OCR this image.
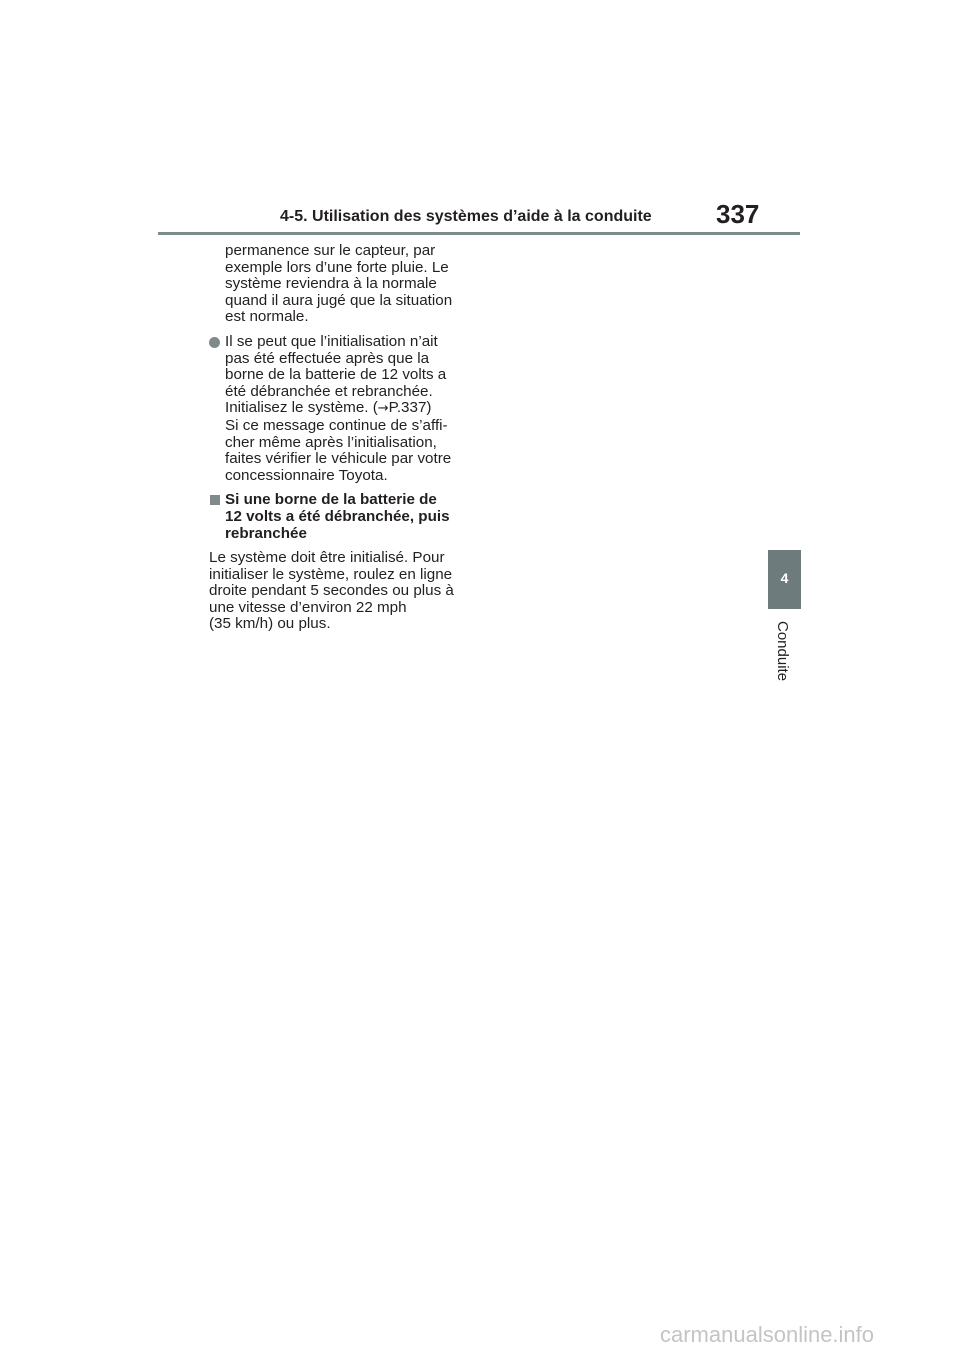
4-5. Utilisation des systèmes d’aide à la conduite 337
permanence sur le capteur, par
exemple lors d’une forte pluie. Le
système reviendra à la normale
quand il aura jugé que la situation
est normale.
Il se peut que l’initialisation n’ait
pas été effectuée après que la
borne de la batterie de 12 volts a
été débranchée et rebranchée.
Initialisez le système. (→P.337)
Si ce message continue de s’affi-
cher même après l’initialisation,
faites vérifier le véhicule par votre
concessionnaire Toyota.
Si une borne de la batterie de
12 volts a été débranchée, puis
rebranchée
Le système doit être initialisé. Pour
initialiser le système, roulez en ligne
droite pendant 5 secondes ou plus à
une vitesse d’environ 22 mph
(35 km/h) ou plus.
4
Conduite
carmanualsonline.info
